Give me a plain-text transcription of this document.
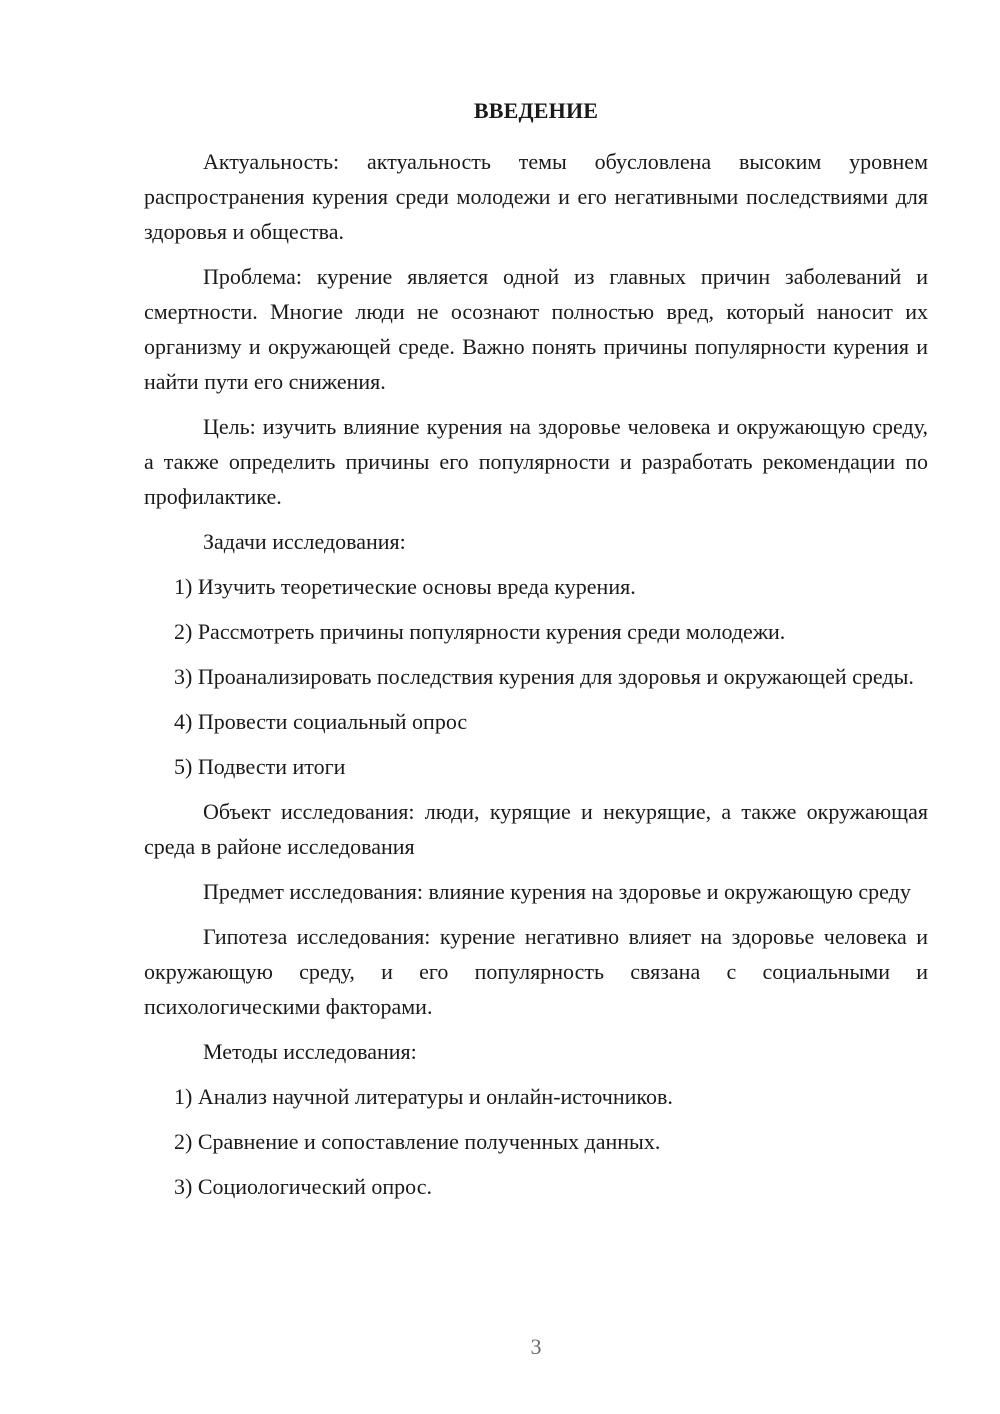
ВВЕДЕНИЕ

Актуальность: актуальность темы обусловлена высоким уровнем распространения курения среди молодежи и его негативными последствиями для здоровья и общества.

Проблема: курение является одной из главных причин заболеваний и смертности. Многие люди не осознают полностью вред, который наносит их организму и окружающей среде. Важно понять причины популярности курения и найти пути его снижения.

Цель: изучить влияние курения на здоровье человека и окружающую среду, а также определить причины его популярности и разработать рекомендации по профилактике.

Задачи исследования:

1) Изучить теоретические основы вреда курения.

2) Рассмотреть причины популярности курения среди молодежи.

3) Проанализировать последствия курения для здоровья и окружающей среды.

4) Провести социальный опрос

5) Подвести итоги

Объект исследования: люди, курящие и некурящие, а также окружающая среда в районе исследования

Предмет исследования: влияние курения на здоровье и окружающую среду

Гипотеза исследования: курение негативно влияет на здоровье человека и окружающую среду, и его популярность связана с социальными и психологическими факторами.

Методы исследования:

1) Анализ научной литературы и онлайн-источников.

2) Сравнение и сопоставление полученных данных.

3) Социологический опрос.

3
